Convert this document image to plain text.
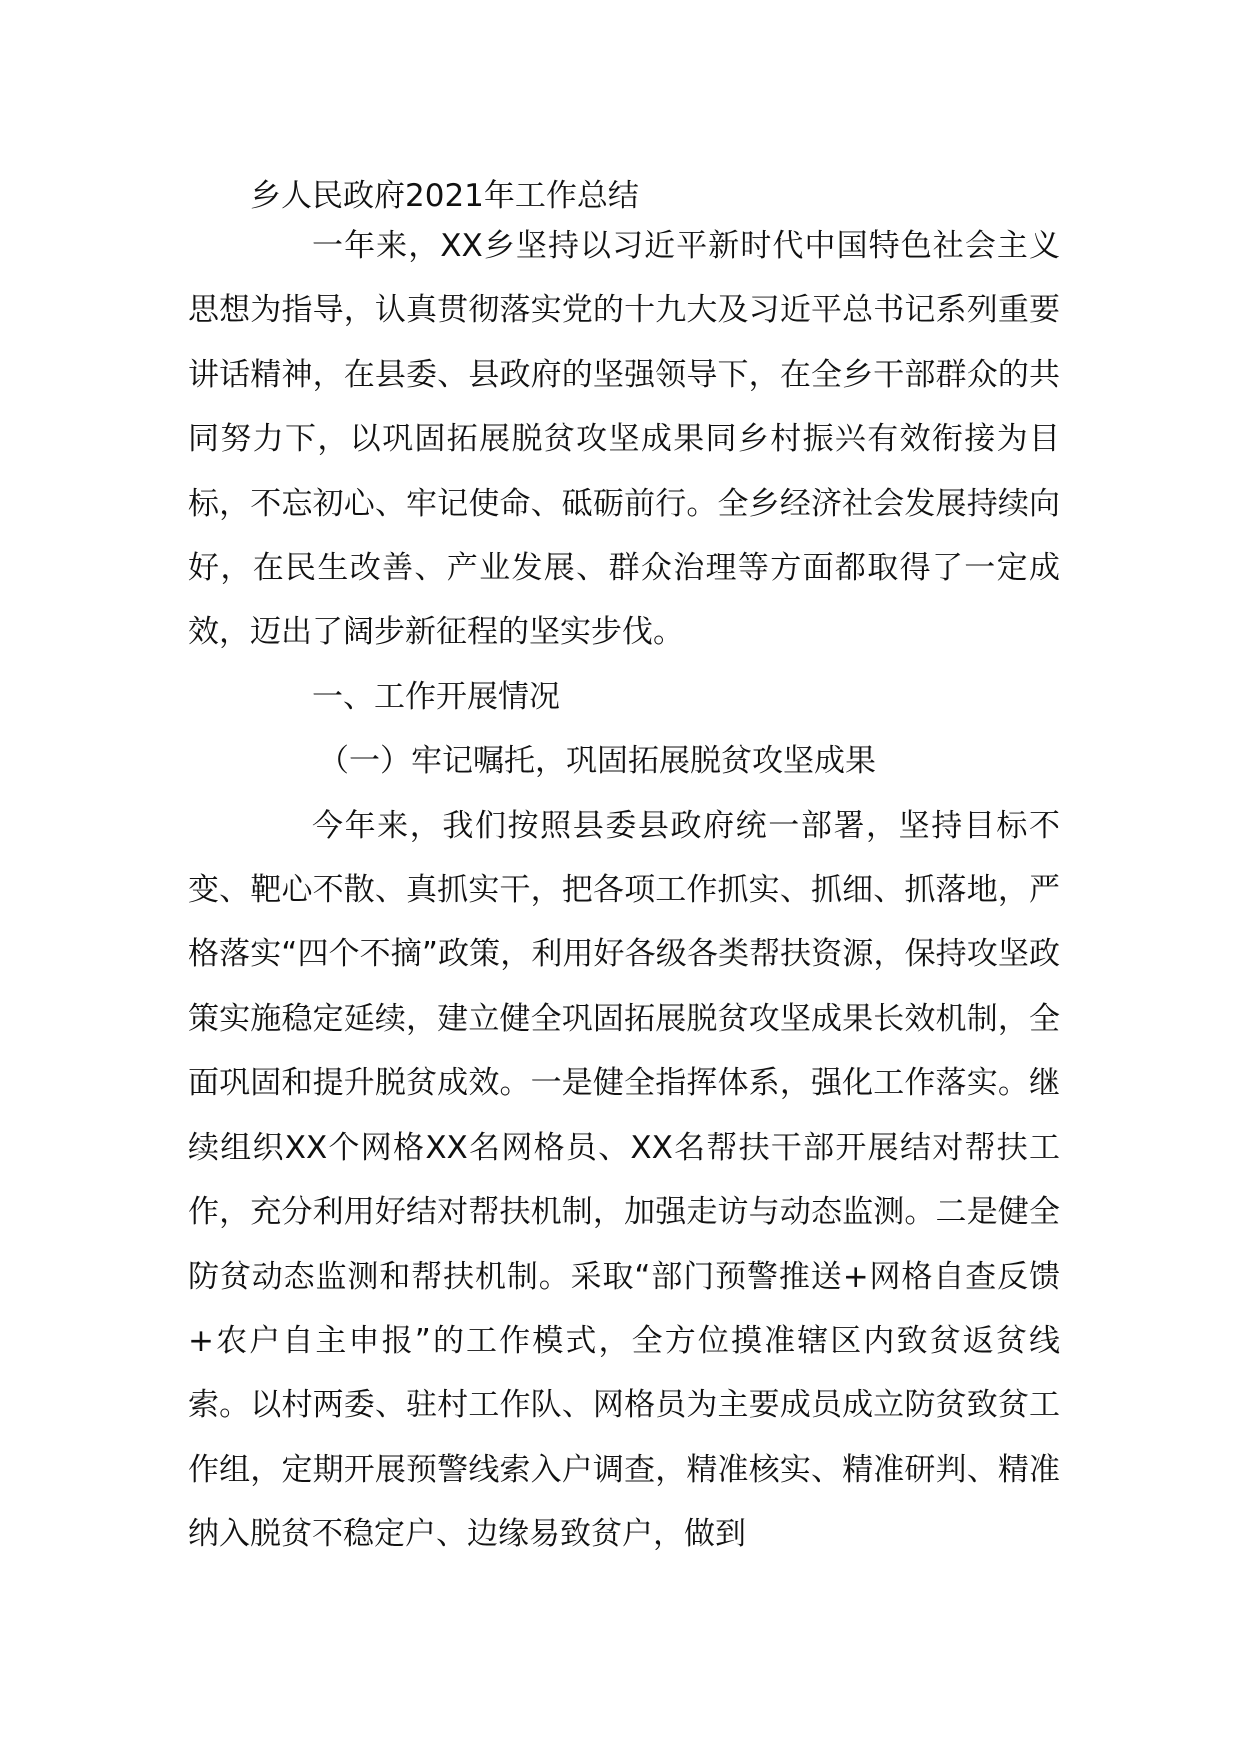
乡人民政府2021年工作总结

一年来，XX乡坚持以习近平新时代中国特色社会主义思想为指导，认真贯彻落实党的十九大及习近平总书记系列重要讲话精神，在县委、县政府的坚强领导下，在全乡干部群众的共同努力下，以巩固拓展脱贫攻坚成果同乡村振兴有效衔接为目标，不忘初心、牢记使命、砥砺前行。全乡经济社会发展持续向好，在民生改善、产业发展、群众治理等方面都取得了一定成效，迈出了阔步新征程的坚实步伐。

一、工作开展情况

（一）牢记嘱托，巩固拓展脱贫攻坚成果

今年来，我们按照县委县政府统一部署，坚持目标不变、靶心不散、真抓实干，把各项工作抓实、抓细、抓落地，严格落实“四个不摘”政策，利用好各级各类帮扶资源，保持攻坚政策实施稳定延续，建立健全巩固拓展脱贫攻坚成果长效机制，全面巩固和提升脱贫成效。一是健全指挥体系，强化工作落实。继续组织XX个网格XX名网格员、XX名帮扶干部开展结对帮扶工作，充分利用好结对帮扶机制，加强走访与动态监测。二是健全防贫动态监测和帮扶机制。采取“部门预警推送+网格自查反馈+农户自主申报”的工作模式，全方位摸准辖区内致贫返贫线索。以村两委、驻村工作队、网格员为主要成员成立防贫致贫工作组，定期开展预警线索入户调查，精准核实、精准研判、精准纳入脱贫不稳定户、边缘易致贫户，做到
